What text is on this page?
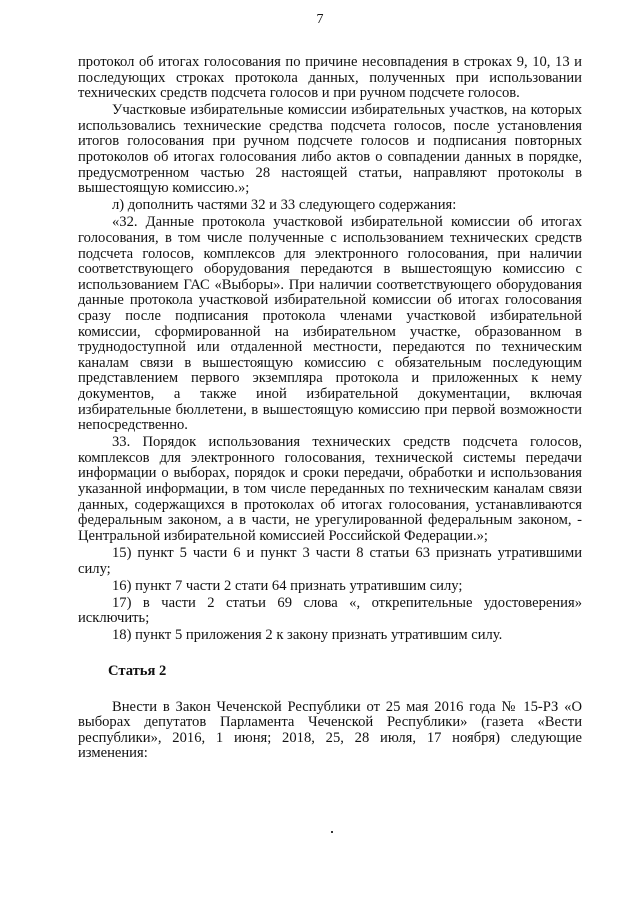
7

протокол об итогах голосования по причине несовпадения в строках 9, 10, 13 и последующих строках протокола данных, полученных при использовании технических средств подсчета голосов и при ручном подсчете голосов.

Участковые избирательные комиссии избирательных участков, на которых использовались технические средства подсчета голосов, после установления итогов голосования при ручном подсчете голосов и подписания повторных протоколов об итогах голосования либо актов о совпадении данных в порядке, предусмотренном частью 28 настоящей статьи, направляют протоколы в вышестоящую комиссию.»;

л) дополнить частями 32 и 33 следующего содержания:

«32. Данные протокола участковой избирательной комиссии об итогах голосования, в том числе полученные с использованием технических средств подсчета голосов, комплексов для электронного голосования, при наличии соответствующего оборудования передаются в вышестоящую комиссию с использованием ГАС «Выборы». При наличии соответствующего оборудования данные протокола участковой избирательной комиссии об итогах голосования сразу после подписания протокола членами участковой избирательной комиссии, сформированной на избирательном участке, образованном в труднодоступной или отдаленной местности, передаются по техническим каналам связи в вышестоящую комиссию с обязательным последующим представлением первого экземпляра протокола и приложенных к нему документов, а также иной избирательной документации, включая избирательные бюллетени, в вышестоящую комиссию при первой возможности непосредственно.

33. Порядок использования технических средств подсчета голосов, комплексов для электронного голосования, технической системы передачи информации о выборах, порядок и сроки передачи, обработки и использования указанной информации, в том числе переданных по техническим каналам связи данных, содержащихся в протоколах об итогах голосования, устанавливаются федеральным законом, а в части, не урегулированной федеральным законом, - Центральной избирательной комиссией Российской Федерации.»;

15) пункт 5 части 6 и пункт 3 части 8 статьи 63 признать утратившими силу;

16) пункт 7 части 2 стати 64 признать утратившим силу;

17) в части 2 статьи 69 слова «, открепительные удостоверения» исключить;

18) пункт 5 приложения 2 к закону признать утратившим силу.

Статья 2

Внести в Закон Чеченской Республики от 25 мая 2016 года № 15-РЗ «О выборах депутатов Парламента Чеченской Республики» (газета «Вести республики», 2016, 1 июня; 2018, 25, 28 июля, 17 ноября) следующие изменения:
